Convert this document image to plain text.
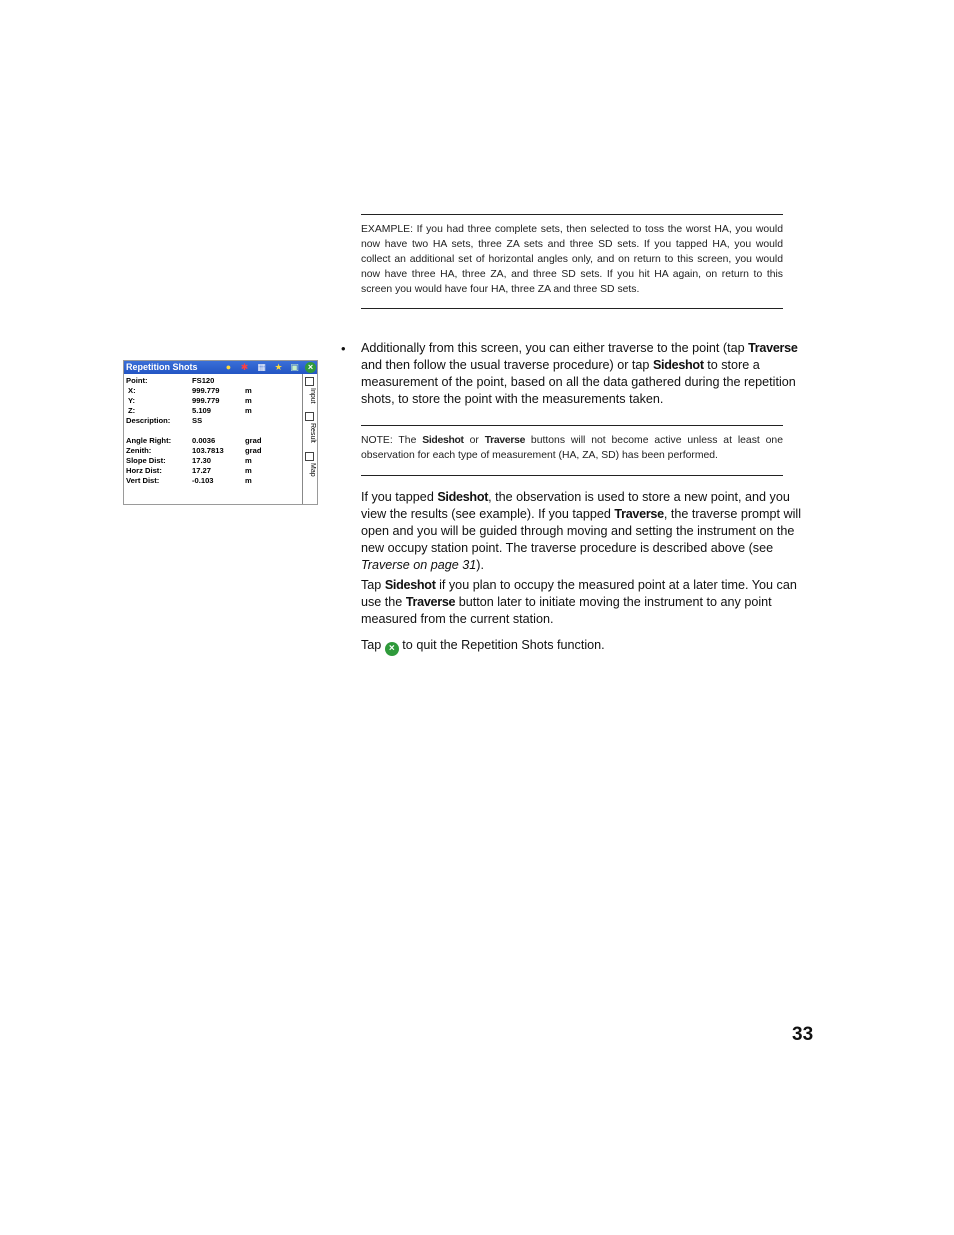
EXAMPLE: If you had three complete sets, then selected to toss the worst HA, you would now have two HA sets, three ZA sets and three SD sets. If you tapped HA, you would collect an additional set of horizontal angles only, and on return to this screen, you would now have three HA, three ZA, and three SD sets. If you hit HA again, on return to this screen you would have four HA, three ZA and three SD sets.
Repetition Shots	●	✱ ▦ ★ ▣	×
Point:	FS120
X:	999.779	m
Y:	999.779	m
Z:	5.109	m
Description:	SS
Angle Right:	0.0036	grad
Zenith:	103.7813	grad
Slope Dist:	17.30	m
Horz Dist:	17.27	m
Vert Dist:	-0.103	m
Input
Result
Map
• Additionally from this screen, you can either traverse to the point (tap Traverse and then follow the usual traverse procedure) or tap Sideshot to store a measurement of the point, based on all the data gathered during the repetition shots, to store the point with the measurements taken.
NOTE: The Sideshot or Traverse buttons will not become active unless at least one observation for each type of measurement (HA, ZA, SD) has been performed.
If you tapped Sideshot, the observation is used to store a new point, and you view the results (see example). If you tapped Traverse, the traverse prompt will open and you will be guided through moving and setting the instrument on the new occupy station point. The traverse procedure is described above (see Traverse on page 31).
Tap Sideshot if you plan to occupy the measured point at a later time. You can use the Traverse button later to initiate moving the instrument to any point measured from the current station.
Tap × to quit the Repetition Shots function.
33
